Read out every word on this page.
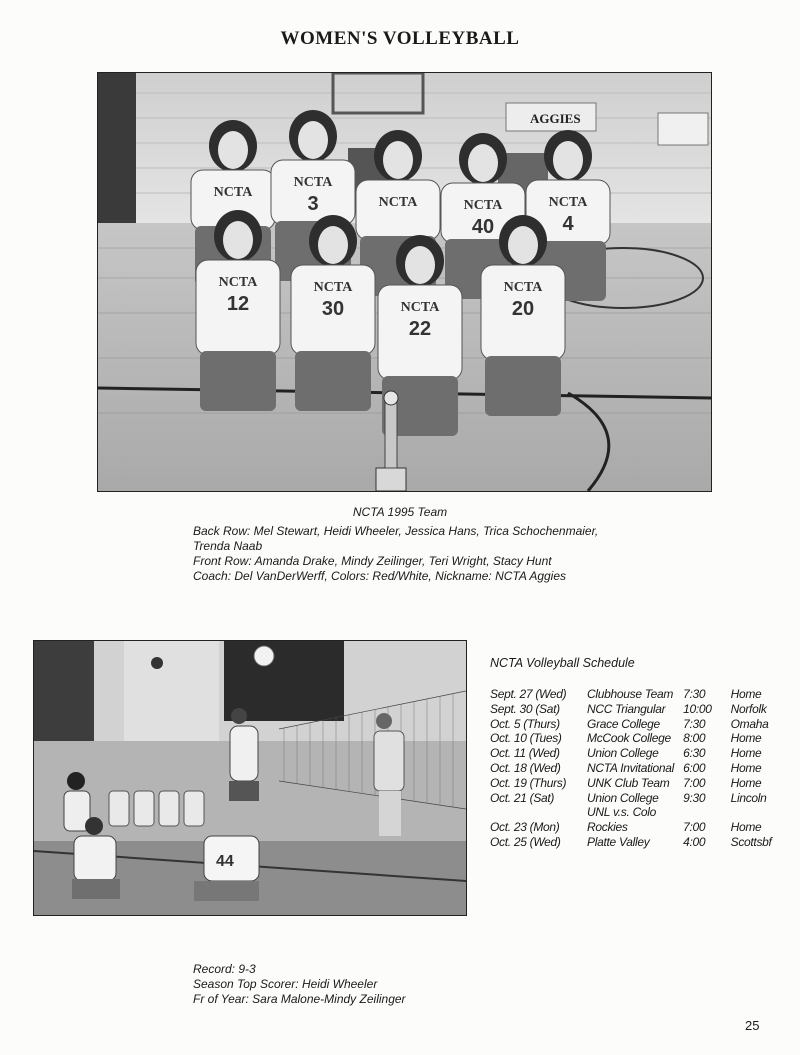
WOMEN'S VOLLEYBALL
AGGIES
NCTA
NCTA
3	NCTA	NCTA
40
NCTA
4
NCTA
12
NCTA
30	NCTA
22
NCTA
20
NCTA 1995 Team
Back Row: Mel Stewart, Heidi Wheeler, Jessica Hans, Trica Schochenmaier, Trenda Naab
Front Row: Amanda Drake, Mindy Zeilinger, Teri Wright, Stacy Hunt
Coach: Del VanDerWerff, Colors: Red/White, Nickname: NCTA Aggies
44
NCTA Volleyball Schedule
Sept. 27 (Wed)	Clubhouse Team 7:30	Home
Sept. 30 (Sat)	NCC Triangular	10:00	Norfolk
Oct. 5 (Thurs)	Grace College	7:30	Omaha
Oct. 10 (Tues)	McCook College	8:00	Home
Oct. 11 (Wed)	Union College	6:30	Home
Oct. 18 (Wed)	NCTA Invitational 6:00	Home
Oct. 19 (Thurs)	UNK Club Team	7:00	Home
Oct. 21 (Sat)	Union College	9:30	Lincoln
UNL v.s. Colo
Oct. 23 (Mon)	Rockies	7:00	Home
Oct. 25 (Wed)	Platte Valley	4:00	Scottsbf
Record: 9-3
Season Top Scorer: Heidi Wheeler
Fr of Year: Sara Malone-Mindy Zeilinger
25
